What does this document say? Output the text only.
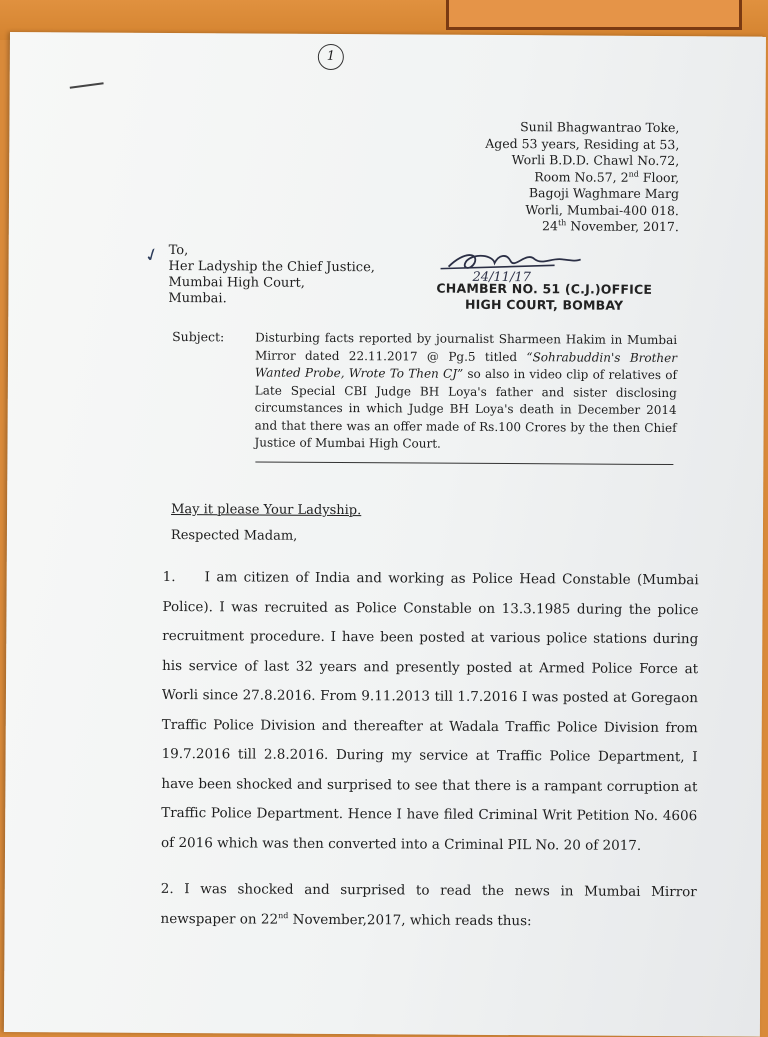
1
Sunil Bhagwantrao Toke,
Aged 53 years, Residing at 53,
Worli B.D.D. Chawl No.72,
Room No.57, 2nd Floor,
Bagoji Waghmare Marg
Worli, Mumbai-400 018.
24th November, 2017.
✓ To,
Her Ladyship the Chief Justice,
Mumbai High Court,
Mumbai.
24/11/17
CHAMBER NO. 51 (C.J.)OFFICE
HIGH COURT, BOMBAY
Subject:	Disturbing facts reported by journalist Sharmeen Hakim in Mumbai Mirror dated 22.11.2017 @ Pg.5 titled “Sohrabuddin's Brother Wanted Probe, Wrote To Then CJ” so also in video clip of relatives of Late Special CBI Judge BH Loya's father and sister disclosing circumstances in which Judge BH Loya's death in December 2014 and that there was an offer made of Rs.100 Crores by the then Chief Justice of Mumbai High Court.
May it please Your Ladyship.
Respected Madam,
1. I am citizen of India and working as Police Head Constable (Mumbai Police). I was recruited as Police Constable on 13.3.1985 during the police recruitment procedure. I have been posted at various police stations during his service of last 32 years and presently posted at Armed Police Force at Worli since 27.8.2016. From 9.11.2013 till 1.7.2016 I was posted at Goregaon Traffic Police Division and thereafter at Wadala Traffic Police Division from 19.7.2016 till 2.8.2016. During my service at Traffic Police Department, I have been shocked and surprised to see that there is a rampant corruption at Traffic Police Department. Hence I have filed Criminal Writ Petition No. 4606 of 2016 which was then converted into a Criminal PIL No. 20 of 2017.
2. I was shocked and surprised to read the news in Mumbai Mirror newspaper on 22nd November,2017, which reads thus:
